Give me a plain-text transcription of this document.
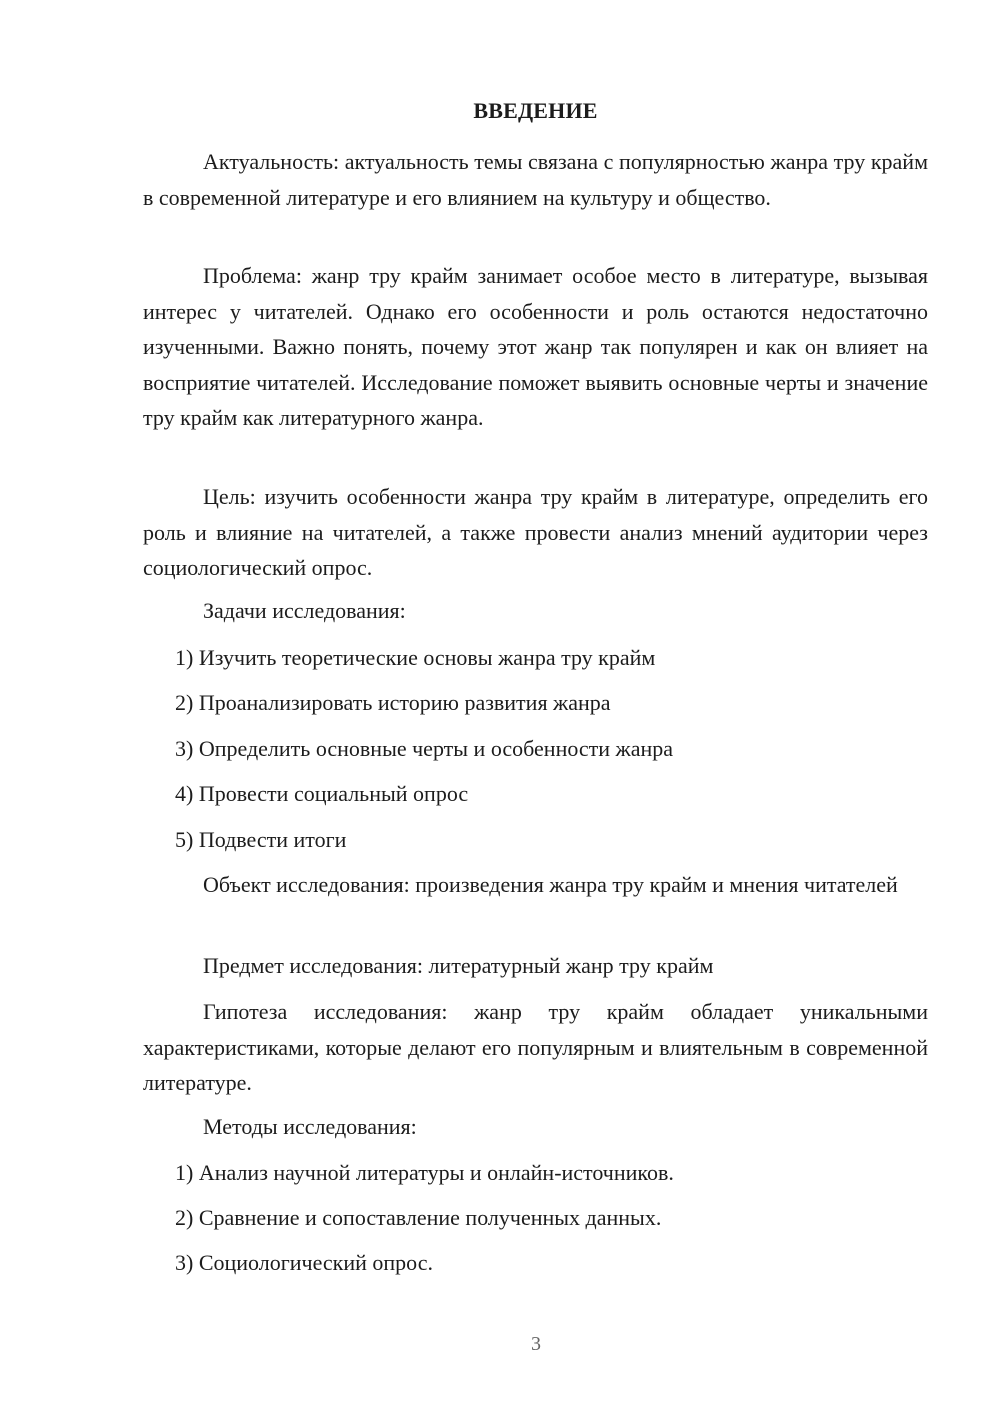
ВВЕДЕНИЕ

Актуальность: актуальность темы связана с популярностью жанра тру крайм в современной литературе и его влиянием на культуру и общество.

Проблема: жанр тру крайм занимает особое место в литературе, вызывая интерес у читателей. Однако его особенности и роль остаются недостаточно изученными. Важно понять, почему этот жанр так популярен и как он влияет на восприятие читателей. Исследование поможет выявить основные черты и значение тру крайм как литературного жанра.

Цель: изучить особенности жанра тру крайм в литературе, определить его роль и влияние на читателей, а также провести анализ мнений аудитории через социологический опрос.

Задачи исследования:
1) Изучить теоретические основы жанра тру крайм
2) Проанализировать историю развития жанра
3) Определить основные черты и особенности жанра
4) Провести социальный опрос
5) Подвести итоги

Объект исследования: произведения жанра тру крайм и мнения читателей

Предмет исследования: литературный жанр тру крайм

Гипотеза исследования: жанр тру крайм обладает уникальными характеристиками, которые делают его популярным и влиятельным в современной литературе.

Методы исследования:
1) Анализ научной литературы и онлайн-источников.
2) Сравнение и сопоставление полученных данных.
3) Социологический опрос.
3
